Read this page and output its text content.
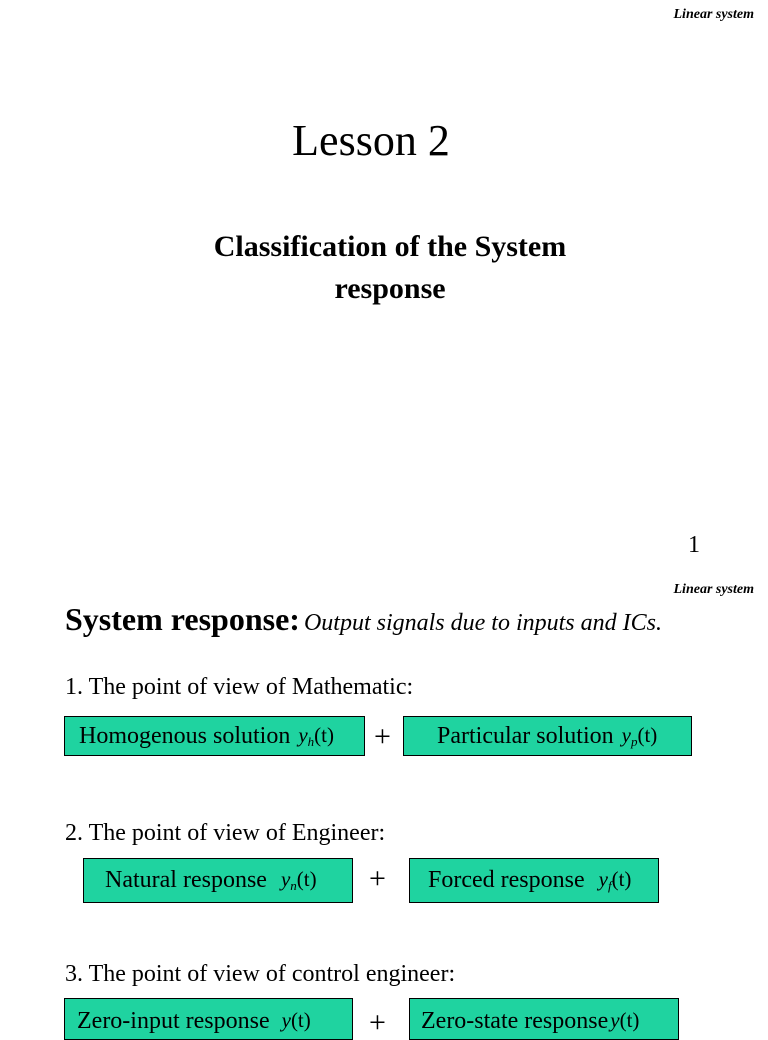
Linear system
Lesson 2
Classification of the System
response
1
Linear system
System response: Output signals due to inputs and ICs.
1. The point of view of Mathematic:
Homogenous solution $y_h(t)$ + Particular solution $y_p(t)$
2. The point of view of Engineer:
Natural response $y_n(t)$ + Forced response $y_f(t)$
3. The point of view of control engineer:
Zero-input response y(t) + Zero-state response y(t)
